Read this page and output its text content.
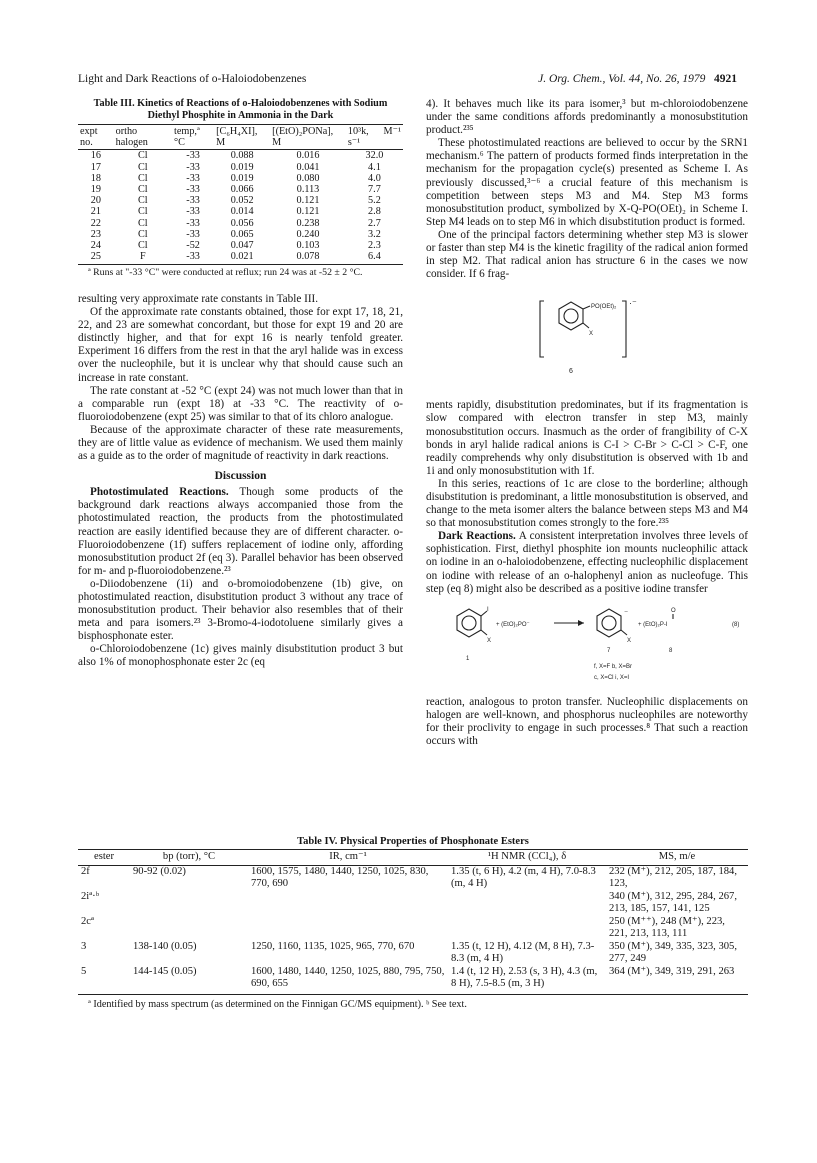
Light and Dark Reactions of o-Haloiodobenzenes	J. Org. Chem., Vol. 44, No. 26, 1979 4921

Table III. Kinetics of Reactions of o-Haloiodobenzenes with Sodium Diethyl Phosphite in Ammonia in the Dark

expt no.	ortho halogen	temp,ª °C	[C₆H₄XI], M	[(EtO)₂PONa], M	10³k, M⁻¹ s⁻¹
16	Cl	-33	0.088	0.016	32.0
17	Cl	-33	0.019	0.041	4.1
18	Cl	-33	0.019	0.080	4.0
19	Cl	-33	0.066	0.113	7.7
20	Cl	-33	0.052	0.121	5.2
21	Cl	-33	0.014	0.121	2.8
22	Cl	-33	0.056	0.238	2.7
23	Cl	-33	0.065	0.240	3.2
24	Cl	-52	0.047	0.103	2.3
25	F	-33	0.021	0.078	6.4

ª Runs at "-33 °C" were conducted at reflux; run 24 was at -52 ± 2 °C.

resulting very approximate rate constants in Table III.

Of the approximate rate constants obtained, those for expt 17, 18, 21, 22, and 23 are somewhat concordant, but those for expt 19 and 20 are distinctly higher, and that for expt 16 is nearly tenfold greater. Experiment 16 differs from the rest in that the aryl halide was in excess over the nucleophile, but it is unclear why that should cause such an increase in rate constant.

The rate constant at -52 °C (expt 24) was not much lower than that in a comparable run (expt 18) at -33 °C. The reactivity of o-fluoroiodobenzene (expt 25) was similar to that of its chloro analogue.

Because of the approximate character of these rate measurements, they are of little value as evidence of mechanism. We used them mainly as a guide as to the order of magnitude of reactivity in dark reactions.

Discussion

Photostimulated Reactions. Though some products of the background dark reactions always accompanied those from the photostimulated reaction, the products from the photostimulated reaction are easily identified because they are of different character. o-Fluoroiodobenzene (1f) suffers replacement of iodine only, affording monosubstitution product 2f (eq 3). Parallel behavior has been observed for m- and p-fluoroiodobenzene.²³

o-Diiodobenzene (1i) and o-bromoiodobenzene (1b) give, on photostimulated reaction, disubstitution product 3 without any trace of monosubstitution product. Their behavior also resembles that of their meta and para isomers.²³ 3-Bromo-4-iodotoluene similarly gives a bisphosphonate ester.

o-Chloroiodobenzene (1c) gives mainly disubstitution product 3 but also 1% of monophosphonate ester 2c (eq

4). It behaves much like its para isomer,³ but m-chloroiodobenzene under the same conditions affords predominantly a monosubstitution product.²³⁵

These photostimulated reactions are believed to occur by the SRN1 mechanism.⁶ The pattern of products formed finds interpretation in the mechanism for the propagation cycle(s) presented as Scheme I. As previously discussed,³⁻⁶ a crucial feature of this mechanism is competition between steps M3 and M4. Step M3 forms monosubstitution product, symbolized by X-Q-PO(OEt)₂ in Scheme I. Step M4 leads on to step M6 in which disubstitution product is formed.

One of the principal factors determining whether step M3 is slower or faster than step M4 is the kinetic fragility of the radical anion formed in step M2. That radical anion has structure 6 in the cases we now consider. If 6 frag-

·⁻
PO(OEt)₂
X
6

ments rapidly, disubstitution predominates, but if its fragmentation is slow compared with electron transfer in step M3, mainly monosubstitution occurs. Inasmuch as the order of frangibility of C-X bonds in aryl halide radical anions is C-I > C-Br > C-Cl > C-F, one readily comprehends why only disubstitution is observed with 1b and 1i and only monosubstitution with 1f.

In this series, reactions of 1c are close to the borderline; although disubstitution is predominant, a little monosubstitution is observed, and change to the meta isomer alters the balance between steps M3 and M4 so that monosubstitution comes strongly to the fore.²³⁵

Dark Reactions. A consistent interpretation involves three levels of sophistication. First, diethyl phosphite ion mounts nucleophilic attack on iodine in an o-haloiodobenzene, effecting nucleophilic displacement on iodine with release of an o-halophenyl anion as nucleofuge. This step (eq 8) might also be described as a positive iodine transfer

I
X
+ (EtO)₂PO⁻
⁻
X
+ (EtO)₂P-I
O
(8)
1
7	8
f, X=F b, X=Br
c, X=Cl i, X=I

reaction, analogous to proton transfer. Nucleophilic displacements on halogen are well-known, and phosphorus nucleophiles are noteworthy for their proclivity to engage in such processes.⁸ That such a reaction occurs with

Table IV. Physical Properties of Phosphonate Esters
ester	bp (torr), °C	IR, cm⁻¹	¹H NMR (CCl₄), δ	MS, m/e
2f	90-92 (0.02)	1600, 1575, 1480, 1440, 1250, 1025, 830, 770, 690	1.35 (t, 6 H), 4.2 (m, 4 H), 7.0-8.3 (m, 4 H)	232 (M⁺), 212, 205, 187, 184, 123,
2iª·ᵇ				340 (M⁺), 312, 295, 284, 267, 213, 185, 157, 141, 125
2cª				250 (M⁺⁺), 248 (M⁺), 223, 221, 213, 113, 111
3	138-140 (0.05)	1250, 1160, 1135, 1025, 965, 770, 670	1.35 (t, 12 H), 4.12 (M, 8 H), 7.3-8.3 (m, 4 H)	350 (M⁺), 349, 335, 323, 305, 277, 249
5	144-145 (0.05)	1600, 1480, 1440, 1250, 1025, 880, 795, 750, 690, 655	1.4 (t, 12 H), 2.53 (s, 3 H), 4.3 (m, 8 H), 7.5-8.5 (m, 3 H)	364 (M⁺), 349, 319, 291, 263
ª Identified by mass spectrum (as determined on the Finnigan GC/MS equipment). ᵇ See text.
